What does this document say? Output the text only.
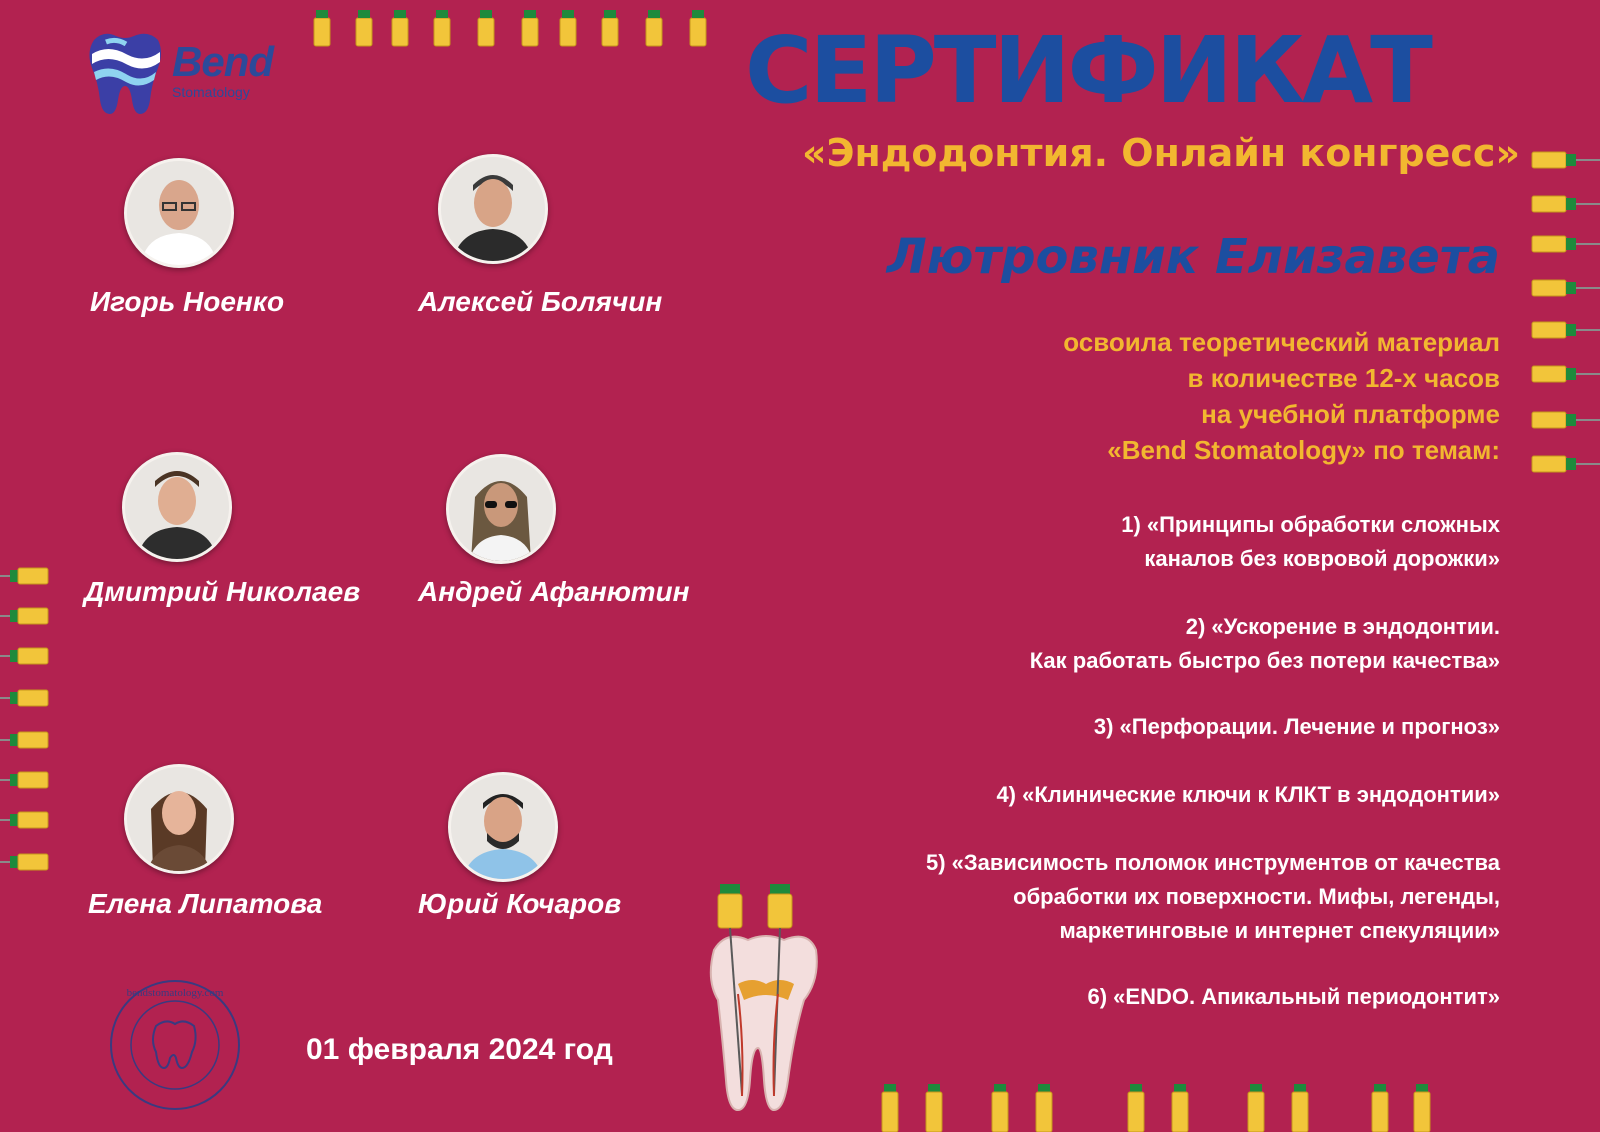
Bend
Stomatology	СЕРТИФИКАТ
«Эндодонтия. Онлайн конгресс»
Лютровник Елизавета
освоила теоретический материал
в количестве 12-х часов
на учебной платформе
«Bend Stomatology» по темам:
1) «Принципы обработки сложных
каналов без ковровой дорожки»
2) «Ускорение в эндодонтии.
Как работать быстро без потери качества»
3) «Перфорации. Лечение и прогноз»
4) «Клинические ключи к КЛКТ в эндодонтии»
5) «Зависимость поломок инструментов от качества
обработки их поверхности. Мифы, легенды,
маркетинговые и интернет спекуляции»
6) «ENDO. Апикальный периодонтит»
Игорь Ноенко	Алексей Болячин
Дмитрий Николаев Андрей Афанютин
Елена Липатова	Юрий Кочаров
bendstomatology.com
01 февраля 2024 год
